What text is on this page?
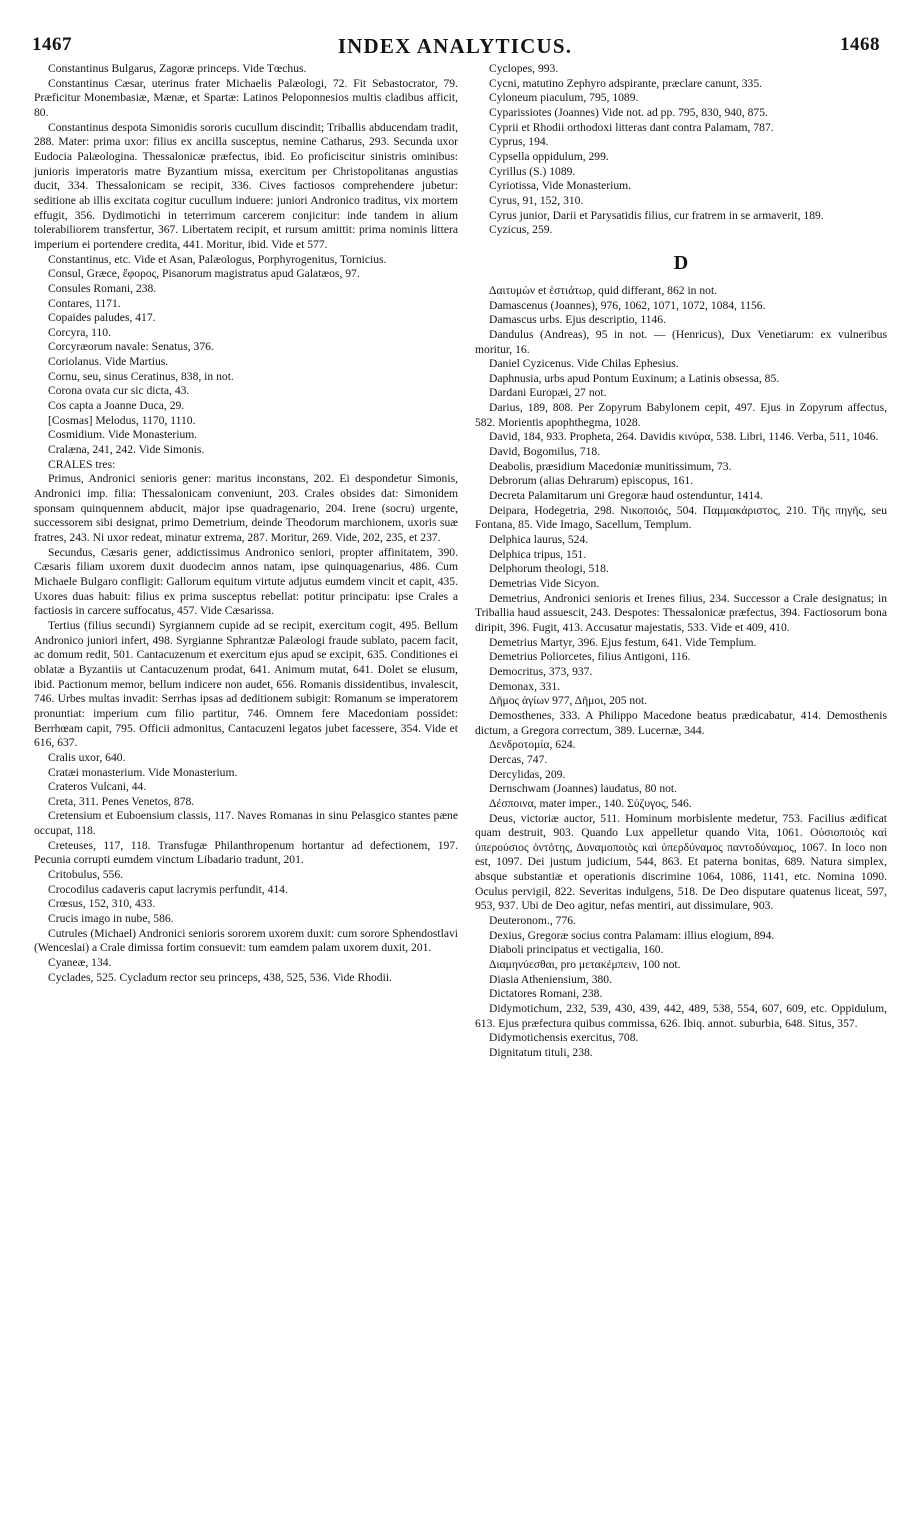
1467	INDEX ANALYTICUS.	1468

Constantinus Bulgarus, Zagoræ princeps. Vide Tœchus.

Constantinus Cæsar, uterinus frater Michaelis Palæologi, 72. Fit Sebastocrator, 79. Præficitur Monembasiæ, Mænæ, et Spartæ: Latinos Peloponnesios multis cladibus afficit, 80.

Constantinus despota Simonidis sororis cucullum discindit; Triballis abducendam tradit, 288. Mater: prima uxor: filius ex ancilla susceptus, nemine Catharus, 293. Secunda uxor Eudocia Palæologina. Thessalonicæ præfectus, ibid. Eo proficiscitur sinistris ominibus: junioris imperatoris matre Byzantium missa, exercitum per Christopolitanas angustias ducit, 334. Thessalonicam se recipit, 336. Cives factiosos comprehendere jubetur: seditione ab illis excitata cogitur cucullum induere: juniori Andronico traditus, vix mortem effugit, 356. Dydimotichi in teterrimum carcerem conjicitur: inde tandem in alium tolerabiliorem transfertur, 367. Libertatem recipit, et rursum amittit: prima nominis littera imperium ei portendere credita, 441. Moritur, ibid. Vide et 577.

Constantinus, etc. Vide et Asan, Palæologus, Porphyrogenitus, Tornicius.

Consul, Græce, ἔφορος, Pisanorum magistratus apud Galatæos, 97.

Consules Romani, 238.

Contares, 1171.

Copaides paludes, 417.

Corcyra, 110.

Corcyræorum navale: Senatus, 376.

Coriolanus. Vide Martius.

Cornu, seu, sinus Ceratinus, 838, in not.

Corona ovata cur sic dicta, 43.

Cos capta a Joanne Duca, 29.

[Cosmas] Melodus, 1170, 1110.

Cosmidium. Vide Monasterium.

Cralæna, 241, 242. Vide Simonis.

CRALES tres:

Primus, Andronici senioris gener: maritus inconstans, 202. Ei despondetur Simonis, Andronici imp. filia: Thessalonicam conveniunt, 203. Crales obsides dat: Simonidem sponsam quinquennem abducit, major ipse quadragenario, 204. Irene (socru) urgente, successorem sibi designat, primo Demetrium, deinde Theodorum marchionem, uxoris suæ fratres, 243. Ni uxor redeat, minatur extrema, 287. Moritur, 269. Vide, 202, 235, et 237.

Secundus, Cæsaris gener, addictissimus Andronico seniori, propter affinitatem, 390. Cæsaris filiam uxorem duxit duodecim annos natam, ipse quinquagenarius, 486. Cum Michaele Bulgaro confligit: Gallorum equitum virtute adjutus eumdem vincit et capit, 435. Uxores duas habuit: filius ex prima susceptus rebellat: potitur principatu: ipse Crales a factiosis in carcere suffocatus, 457. Vide Cæsarissa.

Tertius (filius secundi) Syrgiannem cupide ad se recipit, exercitum cogit, 495. Bellum Andronico juniori infert, 498. Syrgianne Sphrantzæ Palæologi fraude sublato, pacem facit, ac domum redit, 501. Cantacuzenum et exercitum ejus apud se excipit, 635. Conditiones ei oblatæ a Byzantiis ut Cantacuzenum prodat, 641. Animum mutat, 641. Dolet se elusum, ibid. Pactionum memor, bellum indicere non audet, 656. Romanis dissidentibus, invalescit, 746. Urbes multas invadit: Serrhas ipsas ad deditionem subigit: Romanum se imperatorem pronuntiat: imperium cum filio partitur, 746. Omnem fere Macedoniam possidet: Berrhœam capit, 795. Officii admonitus, Cantacuzeni legatos jubet facessere, 354. Vide et 616, 637.

Cralis uxor, 640.

Cratæi monasterium. Vide Monasterium.

Crateros Vulcani, 44.

Creta, 311. Penes Venetos, 878.

Cretensium et Euboensium classis, 117. Naves Romanas in sinu Pelasgico stantes pæne occupat, 118.

Creteuses, 117, 118. Transfugæ Philanthropenum hortantur ad defectionem, 197. Pecunia corrupti eumdem vinctum Libadario tradunt, 201.

Critobulus, 556.

Crocodilus cadaveris caput lacrymis perfundit, 414.

Crœsus, 152, 310, 433.

Crucis imago in nube, 586.

Cutrules (Michael) Andronici senioris sororem uxorem duxit: cum sorore Sphendostlavi (Wenceslai) a Crale dimissa fortim consuevit: tum eamdem palam uxorem duxit, 201.

Cyaneæ, 134.

Cyclades, 525. Cycladum rector seu princeps, 438, 525, 536. Vide Rhodii.

Cyclopes, 993.

Cycni, matutino Zephyro adspirante, præclare canunt, 335.

Cyloneum piaculum, 795, 1089.

Cyparissiotes (Joannes) Vide not. ad pp. 795, 830, 940, 875.

Cyprii et Rhodii orthodoxi litteras dant contra Palamam, 787.

Cyprus, 194.

Cypsella oppidulum, 299.

Cyrillus (S.) 1089.

Cyriotissa, Vide Monasterium.

Cyrus, 91, 152, 310.

Cyrus junior, Darii et Parysatidis filius, cur fratrem in se armaverit, 189.

Cyzicus, 259.

D

Δαιτυμὼν et ἑστιάτωρ, quid differant, 862 in not.

Damascenus (Joannes), 976, 1062, 1071, 1072, 1084, 1156.

Damascus urbs. Ejus descriptio, 1146.

Dandulus (Andreas), 95 in not. — (Henricus), Dux Venetiarum: ex vulneribus moritur, 16.

Daniel Cyzicenus. Vide Chilas Ephesius.

Daphnusia, urbs apud Pontum Euxinum; a Latinis obsessa, 85.

Dardani Europæi, 27 not.

Darius, 189, 808. Per Zopyrum Babylonem cepit, 497. Ejus in Zopyrum affectus, 582. Morientis apophthegma, 1028.

David, 184, 933. Propheta, 264. Davidis κινύρα, 538. Libri, 1146. Verba, 511, 1046.

David, Bogomilus, 718.

Deabolis, præsidium Macedoniæ munitissimum, 73.

Debrorum (alias Dehrarum) episcopus, 161.

Decreta Palamitarum uni Gregoræ haud ostenduntur, 1414.

Deipara, Hodegetria, 298. Νικοποιός, 504. Παμμακάριστος, 210. Τῆς πηγῆς, seu Fontana, 85. Vide Imago, Sacellum, Templum.

Delphica laurus, 524.

Delphica tripus, 151.

Delphorum theologi, 518.

Demetrias Vide Sicyon.

Demetrius, Andronici senioris et Irenes filius, 234. Successor a Crale designatus; in Triballia haud assuescit, 243. Despotes: Thessalonicæ præfectus, 394. Factiosorum bona diripit, 396. Fugit, 413. Accusatur majestatis, 533. Vide et 409, 410.

Demetrius Martyr, 396. Ejus festum, 641. Vide Templum.

Demetrius Poliorcetes, filius Antigoni, 116.

Democritus, 373, 937.

Demonax, 331.

Δῆμος ἀγίων 977, Δῆμοι, 205 not.

Demosthenes, 333. A Philippo Macedone beatus prædicabatur, 414. Demosthenis dictum, a Gregora correctum, 389. Lucernæ, 344.

Δενδροτομία, 624.

Dercas, 747.

Dercylidas, 209.

Dernschwam (Joannes) laudatus, 80 not.

Δέσποινα, mater imper., 140. Σύζυγος, 546.

Deus, victoriæ auctor, 511. Hominum morbislente medetur, 753. Facilius ædificat quam destruit, 903. Quando Lux appelletur quando Vita, 1061. Οὐσιοποιὸς καὶ ὑπερούσιος ὀντότης, Δυναμοποιὸς καὶ ὑπερδύναμος παντοδύναμος, 1067. In loco non est, 1097. Dei justum judicium, 544, 863. Et paterna bonitas, 689. Natura simplex, absque substantiæ et operationis discrimine 1064, 1086, 1141, etc. Nomina 1090. Oculus pervigil, 822. Severitas indulgens, 518. De Deo disputare quatenus liceat, 597, 953, 937. Ubi de Deo agitur, nefas mentiri, aut dissimulare, 903.

Deuteronom., 776.

Dexius, Gregoræ socius contra Palamam: illius elogium, 894.

Diaboli principatus et vectigalia, 160.

Διαμηνύεσθαι, pro μετακέμπειν, 100 not.

Diasia Atheniensium, 380.

Dictatores Romani, 238.

Didymotichum, 232, 539, 430, 439, 442, 489, 538, 554, 607, 609, etc. Oppidulum, 613. Ejus præfectura quibus commissa, 626. Ibiq. annot. suburbia, 648. Situs, 357.

Didymotichensis exercitus, 708.

Dignitatum tituli, 238.
